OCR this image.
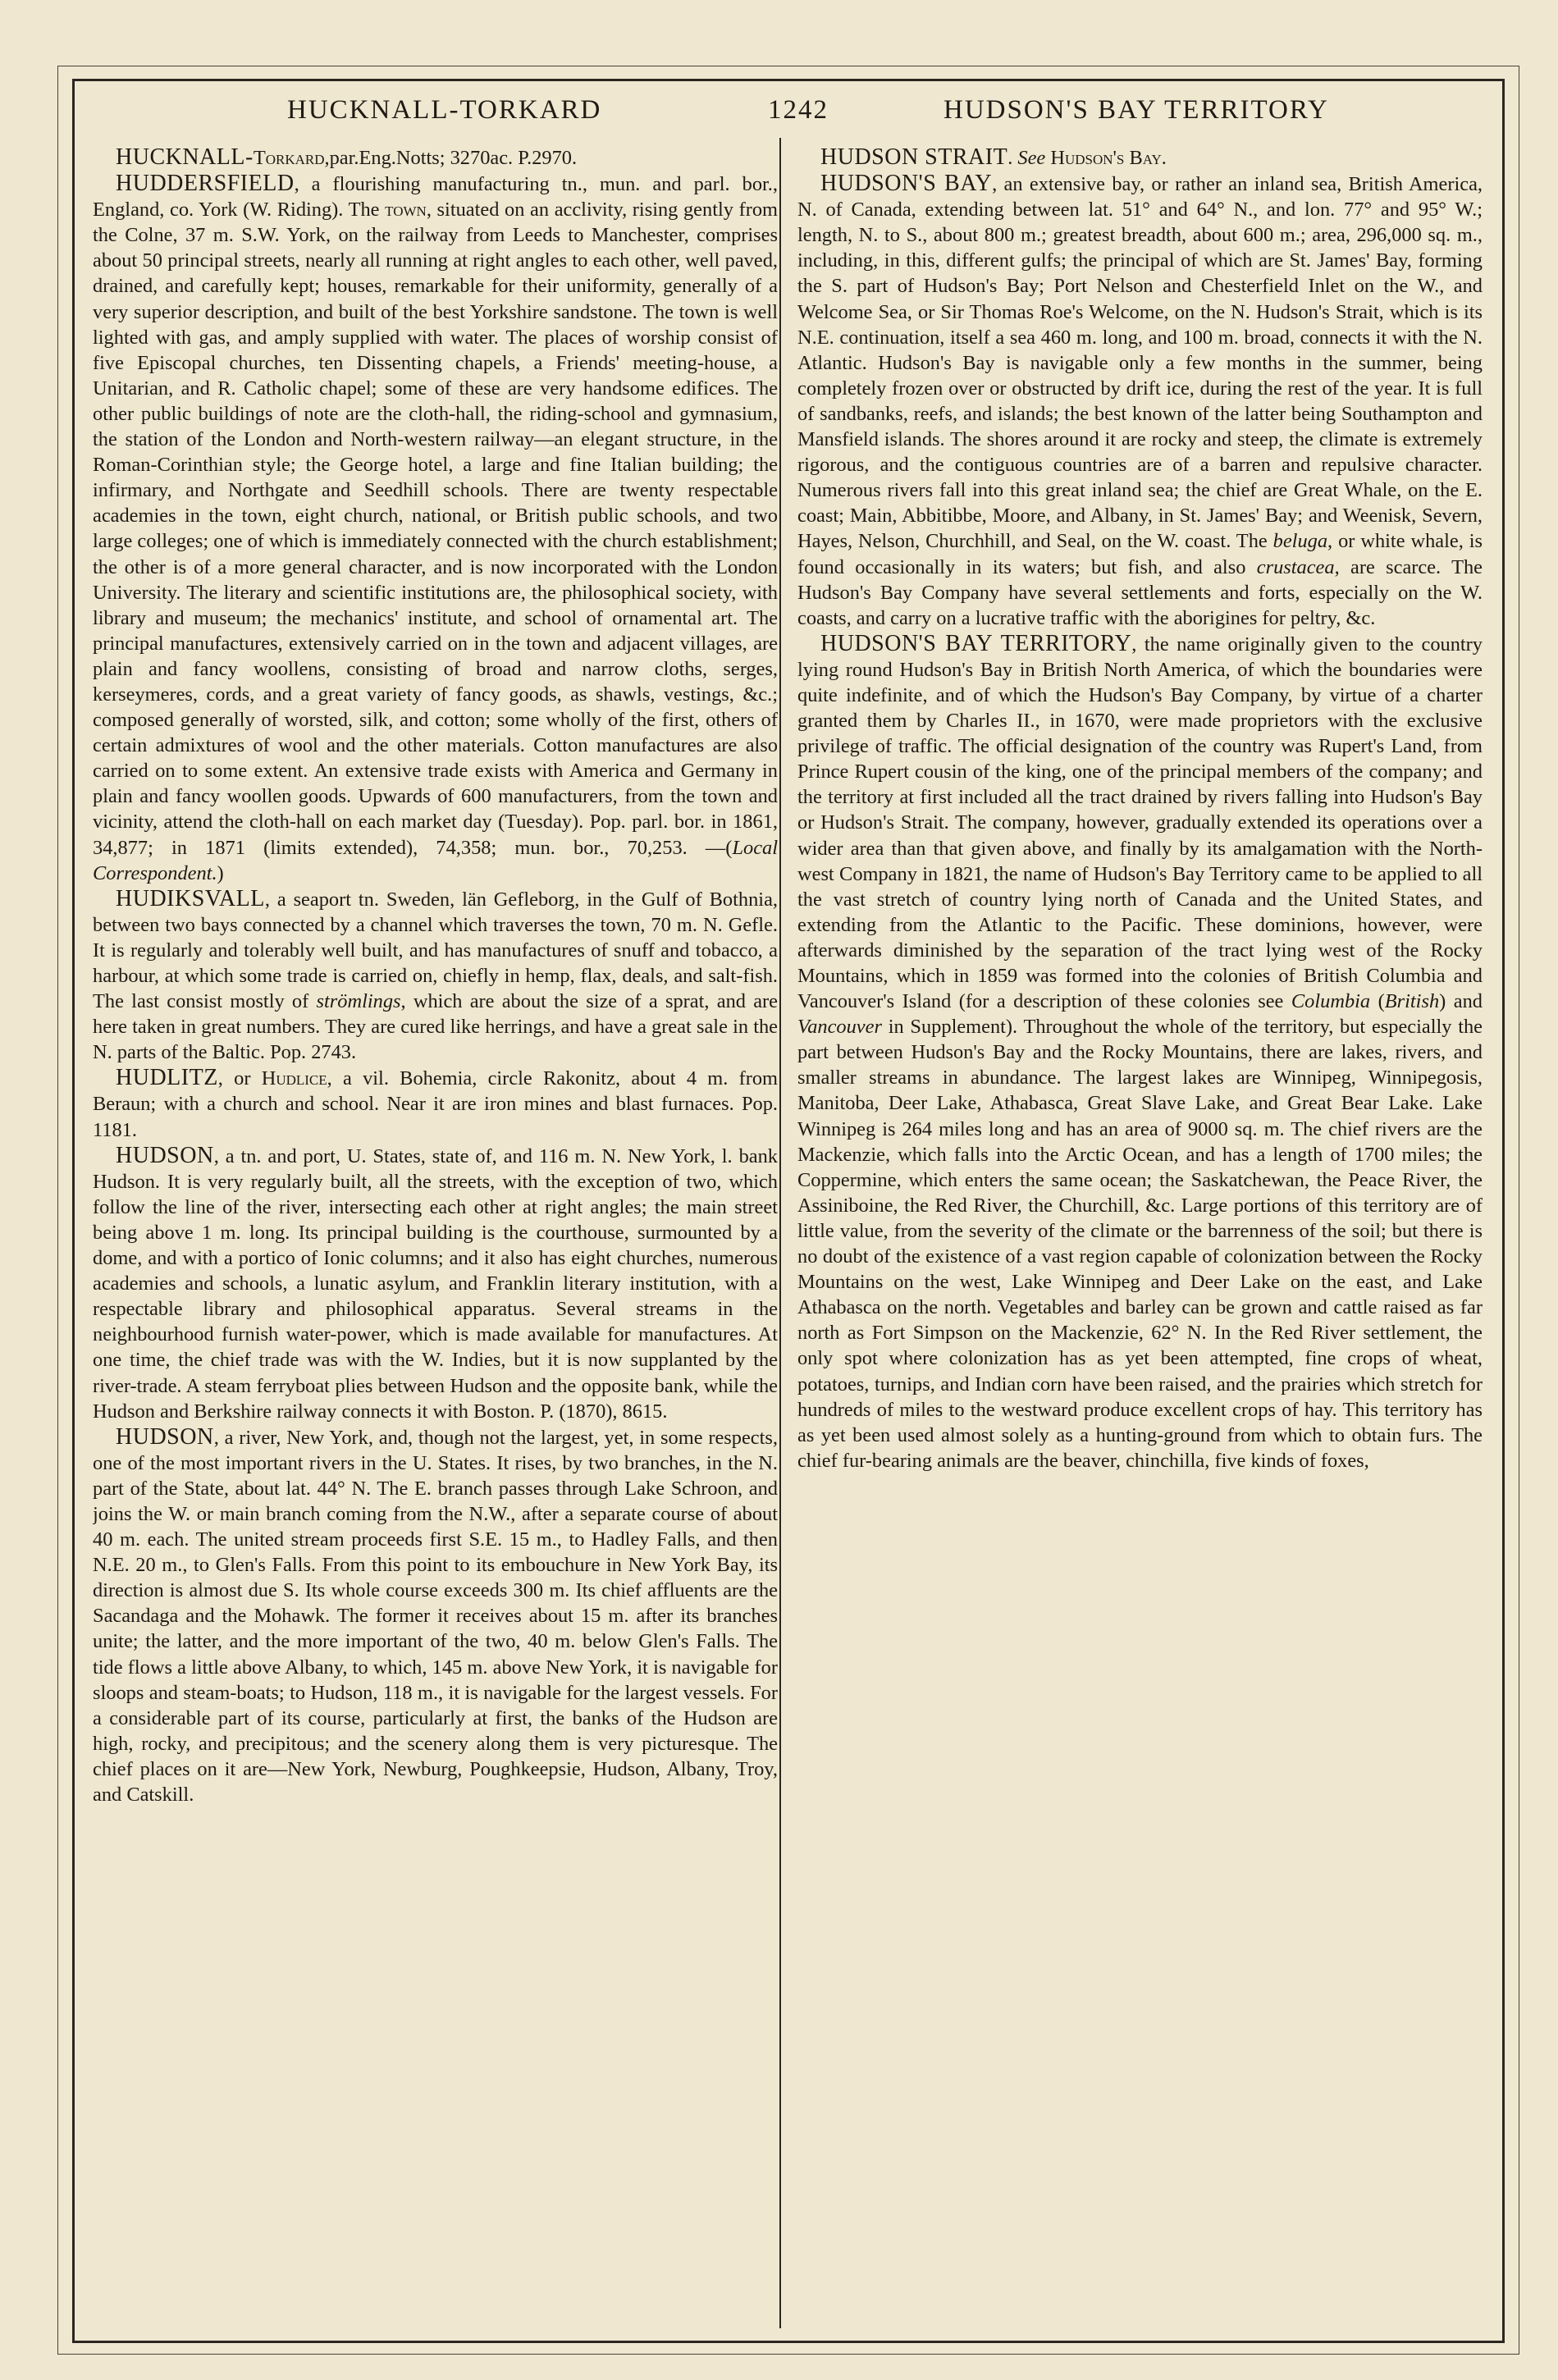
HUCKNALL-TORKARD	1242	HUDSON'S BAY TERRITORY

HUCKNALL-Torkard,par.Eng.Notts; 3270ac. P.2970.

HUDDERSFIELD, a flourishing manufacturing tn., mun. and parl. bor., England, co. York (W. Riding). The town, situated on an acclivity, rising gently from the Colne, 37 m. S.W. York, on the railway from Leeds to Manchester, comprises about 50 principal streets, nearly all running at right angles to each other, well paved, drained, and carefully kept; houses, remarkable for their uniformity, generally of a very superior description, and built of the best Yorkshire sandstone. The town is well lighted with gas, and amply supplied with water. The places of worship consist of five Episcopal churches, ten Dissenting chapels, a Friends' meeting-house, a Unitarian, and R. Catholic chapel; some of these are very handsome edifices. The other public buildings of note are the cloth-hall, the riding-school and gymnasium, the station of the London and North-western railway—an elegant structure, in the Roman-Corinthian style; the George hotel, a large and fine Italian building; the infirmary, and Northgate and Seedhill schools. There are twenty respectable academies in the town, eight church, national, or British public schools, and two large colleges; one of which is immediately connected with the church establishment; the other is of a more general character, and is now incorporated with the London University. The literary and scientific institutions are, the philosophical society, with library and museum; the mechanics' institute, and school of ornamental art. The principal manufactures, extensively carried on in the town and adjacent villages, are plain and fancy woollens, consisting of broad and narrow cloths, serges, kerseymeres, cords, and a great variety of fancy goods, as shawls, vestings, &c.; composed generally of worsted, silk, and cotton; some wholly of the first, others of certain admixtures of wool and the other materials. Cotton manufactures are also carried on to some extent. An extensive trade exists with America and Germany in plain and fancy woollen goods. Upwards of 600 manufacturers, from the town and vicinity, attend the cloth-hall on each market day (Tuesday). Pop. parl. bor. in 1861, 34,877; in 1871 (limits extended), 74,358; mun. bor., 70,253. —(Local Correspondent.)

HUDIKSVALL, a seaport tn. Sweden, län Gefleborg, in the Gulf of Bothnia, between two bays connected by a channel which traverses the town, 70 m. N. Gefle. It is regularly and tolerably well built, and has manufactures of snuff and tobacco, a harbour, at which some trade is carried on, chiefly in hemp, flax, deals, and salt-fish. The last consist mostly of strömlings, which are about the size of a sprat, and are here taken in great numbers. They are cured like herrings, and have a great sale in the N. parts of the Baltic. Pop. 2743.

HUDLITZ, or Hudlice, a vil. Bohemia, circle Rakonitz, about 4 m. from Beraun; with a church and school. Near it are iron mines and blast furnaces. Pop. 1181.

HUDSON, a tn. and port, U. States, state of, and 116 m. N. New York, l. bank Hudson. It is very regularly built, all the streets, with the exception of two, which follow the line of the river, intersecting each other at right angles; the main street being above 1 m. long. Its principal building is the courthouse, surmounted by a dome, and with a portico of Ionic columns; and it also has eight churches, numerous academies and schools, a lunatic asylum, and Franklin literary institution, with a respectable library and philosophical apparatus. Several streams in the neighbourhood furnish water-power, which is made available for manufactures. At one time, the chief trade was with the W. Indies, but it is now supplanted by the river-trade. A steam ferryboat plies between Hudson and the opposite bank, while the Hudson and Berkshire railway connects it with Boston. P. (1870), 8615.

HUDSON, a river, New York, and, though not the largest, yet, in some respects, one of the most important rivers in the U. States. It rises, by two branches, in the N. part of the State, about lat. 44° N. The E. branch passes through Lake Schroon, and joins the W. or main branch coming from the N.W., after a separate course of about 40 m. each. The united stream proceeds first S.E. 15 m., to Hadley Falls, and then N.E. 20 m., to Glen's Falls. From this point to its embouchure in New York Bay, its direction is almost due S. Its whole course exceeds 300 m. Its chief affluents are the Sacandaga and the Mohawk. The former it receives about 15 m. after its branches unite; the latter, and the more important of the two, 40 m. below Glen's Falls. The tide flows a little above Albany, to which, 145 m. above New York, it is navigable for sloops and steam-boats; to Hudson, 118 m., it is navigable for the largest vessels. For a considerable part of its course, particularly at first, the banks of the Hudson are high, rocky, and precipitous; and the scenery along them is very picturesque. The chief places on it are—New York, Newburg, Poughkeepsie, Hudson, Albany, Troy, and Catskill.

HUDSON STRAIT. See Hudson's Bay.

HUDSON'S BAY, an extensive bay, or rather an inland sea, British America, N. of Canada, extending between lat. 51° and 64° N., and lon. 77° and 95° W.; length, N. to S., about 800 m.; greatest breadth, about 600 m.; area, 296,000 sq. m., including, in this, different gulfs; the principal of which are St. James' Bay, forming the S. part of Hudson's Bay; Port Nelson and Chesterfield Inlet on the W., and Welcome Sea, or Sir Thomas Roe's Welcome, on the N. Hudson's Strait, which is its N.E. continuation, itself a sea 460 m. long, and 100 m. broad, connects it with the N. Atlantic. Hudson's Bay is navigable only a few months in the summer, being completely frozen over or obstructed by drift ice, during the rest of the year. It is full of sandbanks, reefs, and islands; the best known of the latter being Southampton and Mansfield islands. The shores around it are rocky and steep, the climate is extremely rigorous, and the contiguous countries are of a barren and repulsive character. Numerous rivers fall into this great inland sea; the chief are Great Whale, on the E. coast; Main, Abbitibbe, Moore, and Albany, in St. James' Bay; and Weenisk, Severn, Hayes, Nelson, Churchhill, and Seal, on the W. coast. The beluga, or white whale, is found occasionally in its waters; but fish, and also crustacea, are scarce. The Hudson's Bay Company have several settlements and forts, especially on the W. coasts, and carry on a lucrative traffic with the aborigines for peltry, &c.

HUDSON'S BAY TERRITORY, the name originally given to the country lying round Hudson's Bay in British North America, of which the boundaries were quite indefinite, and of which the Hudson's Bay Company, by virtue of a charter granted them by Charles II., in 1670, were made proprietors with the exclusive privilege of traffic. The official designation of the country was Rupert's Land, from Prince Rupert cousin of the king, one of the principal members of the company; and the territory at first included all the tract drained by rivers falling into Hudson's Bay or Hudson's Strait. The company, however, gradually extended its operations over a wider area than that given above, and finally by its amalgamation with the North-west Company in 1821, the name of Hudson's Bay Territory came to be applied to all the vast stretch of country lying north of Canada and the United States, and extending from the Atlantic to the Pacific. These dominions, however, were afterwards diminished by the separation of the tract lying west of the Rocky Mountains, which in 1859 was formed into the colonies of British Columbia and Vancouver's Island (for a description of these colonies see Columbia (British) and Vancouver in Supplement). Throughout the whole of the territory, but especially the part between Hudson's Bay and the Rocky Mountains, there are lakes, rivers, and smaller streams in abundance. The largest lakes are Winnipeg, Winnipegosis, Manitoba, Deer Lake, Athabasca, Great Slave Lake, and Great Bear Lake. Lake Winnipeg is 264 miles long and has an area of 9000 sq. m. The chief rivers are the Mackenzie, which falls into the Arctic Ocean, and has a length of 1700 miles; the Coppermine, which enters the same ocean; the Saskatchewan, the Peace River, the Assiniboine, the Red River, the Churchill, &c. Large portions of this territory are of little value, from the severity of the climate or the barrenness of the soil; but there is no doubt of the existence of a vast region capable of colonization between the Rocky Mountains on the west, Lake Winnipeg and Deer Lake on the east, and Lake Athabasca on the north. Vegetables and barley can be grown and cattle raised as far north as Fort Simpson on the Mackenzie, 62° N. In the Red River settlement, the only spot where colonization has as yet been attempted, fine crops of wheat, potatoes, turnips, and Indian corn have been raised, and the prairies which stretch for hundreds of miles to the westward produce excellent crops of hay. This territory has as yet been used almost solely as a hunting-ground from which to obtain furs. The chief fur-bearing animals are the beaver, chinchilla, five kinds of foxes,
